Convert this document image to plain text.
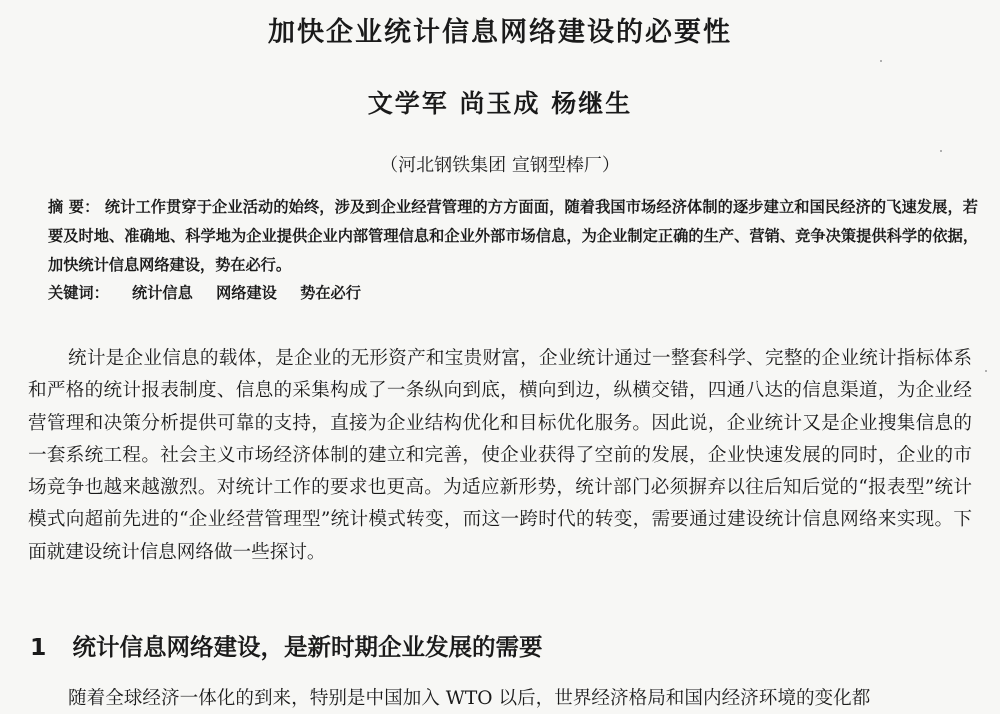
加快企业统计信息网络建设的必要性
文学军 尚玉成 杨继生
（河北钢铁集团 宣钢型棒厂）
摘 要： 统计工作贯穿于企业活动的始终，涉及到企业经营管理的方方面面，随着我国市场经济体制的逐步建立和国民经济的飞速发展，若要及时地、准确地、科学地为企业提供企业内部管理信息和企业外部市场信息，为企业制定正确的生产、营销、竞争决策提供科学的依据，加快统计信息网络建设，势在必行。
关键词： 统计信息 网络建设 势在必行
统计是企业信息的载体，是企业的无形资产和宝贵财富，企业统计通过一整套科学、完整的企业统计指标体系和严格的统计报表制度、信息的采集构成了一条纵向到底，横向到边，纵横交错，四通八达的信息渠道，为企业经营管理和决策分析提供可靠的支持，直接为企业结构优化和目标优化服务。因此说，企业统计又是企业搜集信息的一套系统工程。社会主义市场经济体制的建立和完善，使企业获得了空前的发展，企业快速发展的同时，企业的市场竞争也越来越激烈。对统计工作的要求也更高。为适应新形势，统计部门必须摒弃以往后知后觉的“报表型”统计模式向超前先进的“企业经营管理型”统计模式转变，而这一跨时代的转变，需要通过建设统计信息网络来实现。下面就建设统计信息网络做一些探讨。
1 统计信息网络建设，是新时期企业发展的需要
随着全球经济一体化的到来，特别是中国加入 WTO 以后，世界经济格局和国内经济环境的变化都
